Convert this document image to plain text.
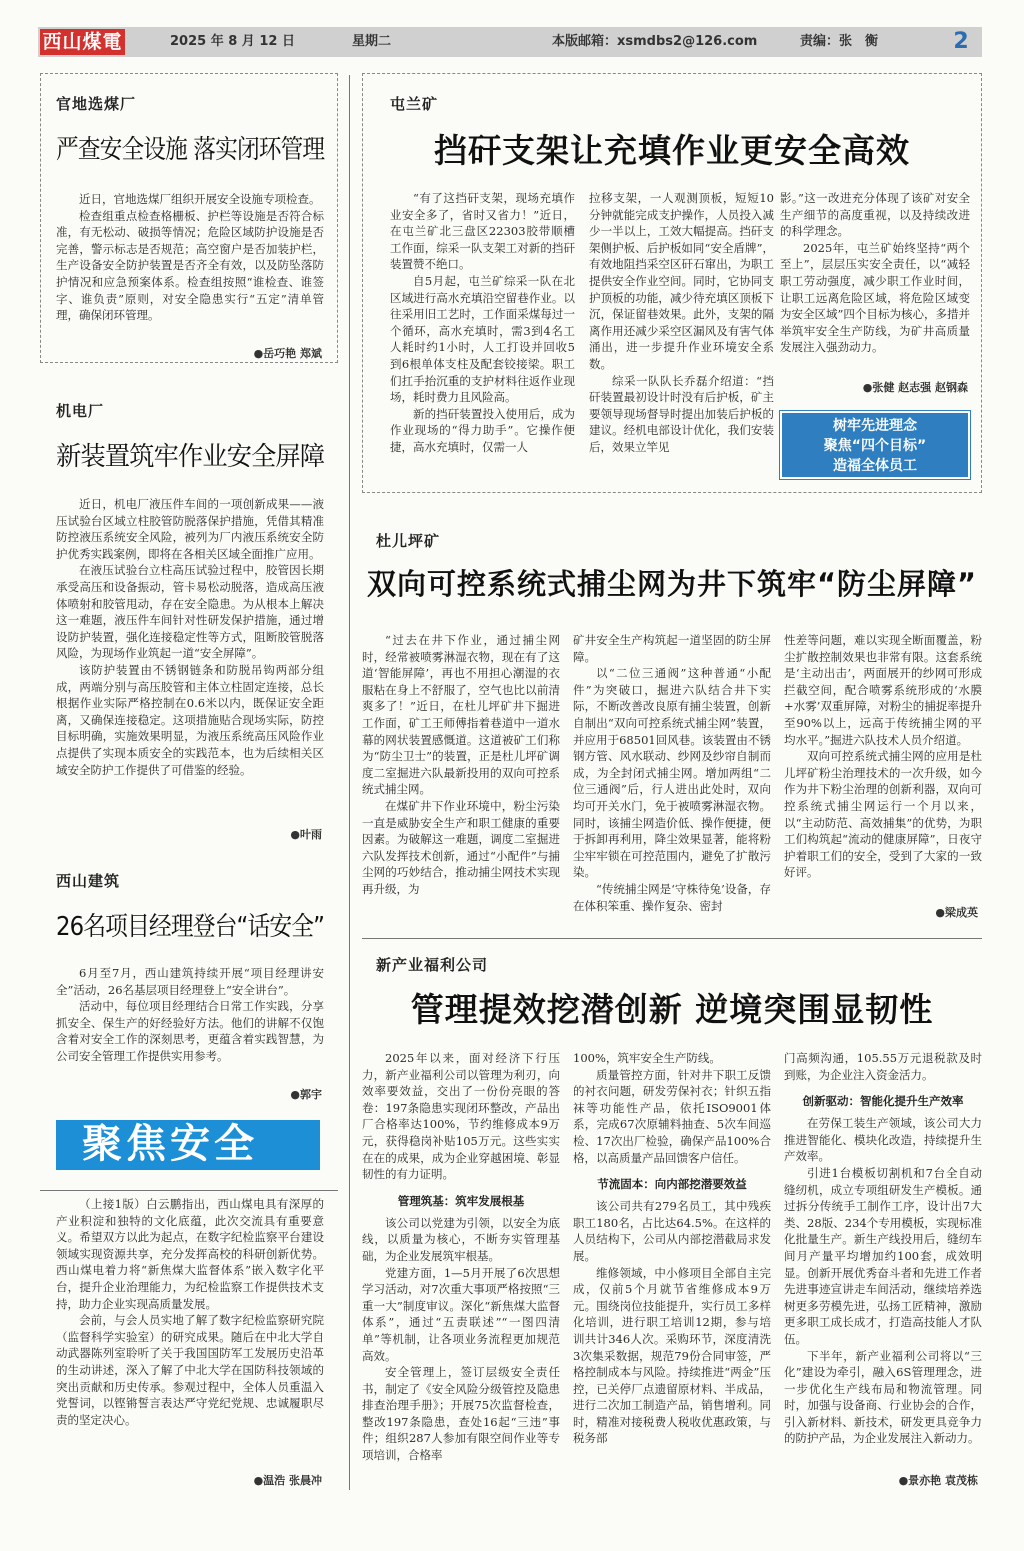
西山煤電	2025 年 8 月 12 日	星期二	本版邮箱：xsmdbs2@126.com	责编：张　衡	2
官地选煤厂
严查安全设施 落实闭环管理

近日，官地选煤厂组织开展安全设施专项检查。

检查组重点检查格栅板、护栏等设施是否符合标准，有无松动、破损等情况；危险区域防护设施是否完善，警示标志是否规范；高空窗户是否加装护栏，生产设备安全防护装置是否齐全有效，以及防坠落防护情况和应急预案体系。检查组按照“谁检查、谁签字、谁负责”原则，对安全隐患实行“五定”清单管理，确保闭环管理。

●岳巧艳 郑斌
机电厂
新装置筑牢作业安全屏障

近日，机电厂液压件车间的一项创新成果——液压试验台区域立柱胶管防脱落保护措施，凭借其精准防控液压系统安全风险，被列为厂内液压系统安全防护优秀实践案例，即将在各相关区域全面推广应用。

在液压试验台立柱高压试验过程中，胶管因长期承受高压和设备振动，管卡易松动脱落，造成高压液体喷射和胶管甩动，存在安全隐患。为从根本上解决这一难题，液压件车间针对性研发保护措施，通过增设防护装置，强化连接稳定性等方式，阻断胶管脱落风险，为现场作业筑起一道“安全屏障”。

该防护装置由不锈钢链条和防脱吊钩两部分组成，两端分别与高压胶管和主体立柱固定连接，总长根据作业实际严格控制在0.6米以内，既保证安全距离，又确保连接稳定。这项措施贴合现场实际，防控目标明确，实施效果明显，为液压系统高压风险作业点提供了实现本质安全的实践范本，也为后续相关区域安全防护工作提供了可借鉴的经验。

●叶雨
西山建筑
26名项目经理登台“话安全”

6月至7月，西山建筑持续开展“项目经理讲安全”活动，26名基层项目经理登上“安全讲台”。

活动中，每位项目经理结合日常工作实践，分享抓安全、保生产的好经验好方法。他们的讲解不仅饱含着对安全工作的深刻思考，更蕴含着实践智慧，为公司安全管理工作提供实用参考。

●郭宇
聚焦安全

（上接1版）白云鹏指出，西山煤电具有深厚的产业积淀和独特的文化底蕴，此次交流具有重要意义。希望双方以此为起点，在数字纪检监察平台建设领域实现资源共享，充分发挥高校的科研创新优势。西山煤电着力将“新焦煤大监督体系”嵌入数字化平台，提升企业治理能力，为纪检监察工作提供技术支持，助力企业实现高质量发展。

会前，与会人员实地了解了数字纪检监察研究院（监督科学实验室）的研究成果。随后在中北大学自动武器陈列室聆听了关于我国国防军工发展历史沿革的生动讲述，深入了解了中北大学在国防科技领域的突出贡献和历史传承。参观过程中，全体人员重温入党誓词，以铿锵誓言表达严守党纪党规、忠诚履职尽责的坚定决心。

●温浩 张晨冲
屯兰矿
挡矸支架让充填作业更安全高效

“有了这挡矸支架，现场充填作业安全多了，省时又省力！”近日，在屯兰矿北三盘区22303胶带顺槽工作面，综采一队支架工对新的挡矸装置赞不绝口。

自5月起，屯兰矿综采一队在北区域进行高水充填沿空留巷作业。以往采用旧工艺时，工作面采煤每过一个循环，高水充填时，需3到4名工人耗时约1小时，人工打设并回收5到6根单体支柱及配套铰接梁。职工们扛手抬沉重的支护材料往返作业现场，耗时费力且风险高。

新的挡矸装置投入使用后，成为作业现场的“得力助手”。它操作便捷，高水充填时，仅需一人

拉移支架，一人观测顶板，短短10分钟就能完成支护操作，人员投入减少一半以上，工效大幅提高。挡矸支架侧护板、后护板如同“安全盾牌”，有效地阻挡采空区矸石窜出，为职工提供安全作业空间。同时，它协同支护顶板的功能，减少待充填区顶板下沉，保证留巷效果。此外，支架的隔离作用还减少采空区漏风及有害气体涌出，进一步提升作业环境安全系数。

综采一队队长乔磊介绍道：“挡矸装置最初设计时没有后护板，矿主要领导现场督导时提出加装后护板的建议。经机电部设计优化，我们安装后，效果立竿见

影。”这一改进充分体现了该矿对安全生产细节的高度重视，以及持续改进的科学理念。

2025年，屯兰矿始终坚持“两个至上”，层层压实安全责任，以“减轻职工劳动强度，减少职工作业时间，让职工远离危险区域，将危险区域变为安全区域”四个目标为核心，多措并举筑牢安全生产防线，为矿井高质量发展注入强劲动力。

●张健 赵志强 赵钢森
树牢先进理念
聚焦“四个目标”
造福全体员工
杜儿坪矿
双向可控系统式捕尘网为井下筑牢“防尘屏障”

“过去在井下作业，通过捕尘网时，经常被喷雾淋湿衣物，现在有了这道‘智能屏障’，再也不用担心潮湿的衣服粘在身上不舒服了，空气也比以前清爽多了！”近日，在杜儿坪矿井下掘进工作面，矿工王师傅指着巷道中一道水幕的网状装置感慨道。这道被矿工们称为“防尘卫士”的装置，正是杜儿坪矿调度二室掘进六队最新投用的双向可控系统式捕尘网。

在煤矿井下作业环境中，粉尘污染一直是威胁安全生产和职工健康的重要因素。为破解这一难题，调度二室掘进六队发挥技术创新，通过“小配件”与捕尘网的巧妙结合，推动捕尘网技术实现再升级，为

矿井安全生产构筑起一道坚固的防尘屏障。

以“二位三通阀”这种普通“小配件”为突破口，掘进六队结合井下实际，不断改善改良原有捕尘装置，创新自制出“双向可控系统式捕尘网”装置，并应用于68501回风巷。该装置由不锈钢方管、风水联动、纱网及纱帘自制而成，为全封闭式捕尘网。增加两组“二位三通阀”后，行人进出此处时，双向均可开关水门，免于被喷雾淋湿衣物。同时，该捕尘网造价低、操作便捷，便于拆卸再利用，降尘效果显著，能将粉尘牢牢锁在可控范围内，避免了扩散污染。

“传统捕尘网是‘守株待兔’设备，存在体积笨重、操作复杂、密封

性差等问题，难以实现全断面覆盖，粉尘扩散控制效果也非常有限。这套系统是‘主动出击’，两面展开的纱网可形成拦截空间，配合喷雾系统形成的‘水膜+水雾’双重屏障，对粉尘的捕捉率提升至90%以上，远高于传统捕尘网的平均水平。”掘进六队技术人员介绍道。

双向可控系统式捕尘网的应用是杜儿坪矿粉尘治理技术的一次升级，如今作为井下粉尘治理的创新利器，双向可控系统式捕尘网运行一个月以来，以“主动防范、高效捕集”的优势，为职工们构筑起“流动的健康屏障”，日夜守护着职工们的安全，受到了大家的一致好评。

●梁成英
新产业福利公司
管理提效挖潜创新 逆境突围显韧性

2025年以来，面对经济下行压力，新产业福利公司以管理为利刃，向效率要效益，交出了一份份亮眼的答卷：197条隐患实现闭环整改，产品出厂合格率达100%，节约维修成本9万元，获得稳岗补贴105万元。这些实实在在的成果，成为企业穿越困境、彰显韧性的有力证明。

管理筑基：筑牢发展根基

该公司以党建为引领，以安全为底线，以质量为核心，不断夯实管理基础，为企业发展筑牢根基。

党建方面，1—5月开展了6次思想学习活动，对7次重大事项严格按照“三重一大”制度审议。深化“新焦煤大监督体系”，通过“五责联述”“一图四清单”等机制，让各项业务流程更加规范高效。

安全管理上，签订层级安全责任书，制定了《安全风险分级管控及隐患排查治理手册》；开展75次监督检查，整改197条隐患，查处16起“三违”事件；组织287人参加有限空间作业等专项培训，合格率

100%，筑牢安全生产防线。

质量管控方面，针对井下职工反馈的衬衣问题，研发劳保衬衣；针织五指袜等功能性产品，依托ISO9001体系，完成67次原辅料抽查、5次车间巡检、17次出厂检验，确保产品100%合格，以高质量产品回馈客户信任。

节流固本：向内部挖潜要效益

该公司共有279名员工，其中残疾职工180名，占比达64.5%。在这样的人员结构下，公司从内部挖潜截局求发展。

维修领域，中小修项目全部自主完成，仅前5个月就节省维修成本9万元。围绕岗位技能提升，实行员工多样化培训，进行职工培训12期，参与培训共计346人次。采购环节，深度清洗3次集采数据，规范79份合同审签，严格控制成本与风险。持续推进“两金”压控，已关停厂点遗留原材料、半成品，进行二次加工制造产品，销售增利。同时，精准对接税费人税收优惠政策，与税务部

门高频沟通，105.55万元退税款及时到账，为企业注入资金活力。

创新驱动：智能化提升生产效率

在劳保工装生产领域，该公司大力推进智能化、模块化改造，持续提升生产效率。

引进1台模板切割机和7台全自动缝纫机，成立专项组研发生产模板。通过拆分传统手工制作工序，设计出7大类、28版、234个专用模板，实现标准化批量生产。新生产线投用后，缝纫车间月产量平均增加约100套，成效明显。创新开展优秀奋斗者和先进工作者先进事迹宣讲走车间活动，继续培养选树更多劳模先进，弘扬工匠精神，激励更多职工成长成才，打造高技能人才队伍。

下半年，新产业福利公司将以“三化”建设为牵引，融入6S管理理念，进一步优化生产线布局和物流管理。同时，加强与设备商、行业协会的合作，引入新材料、新技术，研发更具竞争力的防护产品，为企业发展注入新动力。

●景亦艳 袁茂栋
